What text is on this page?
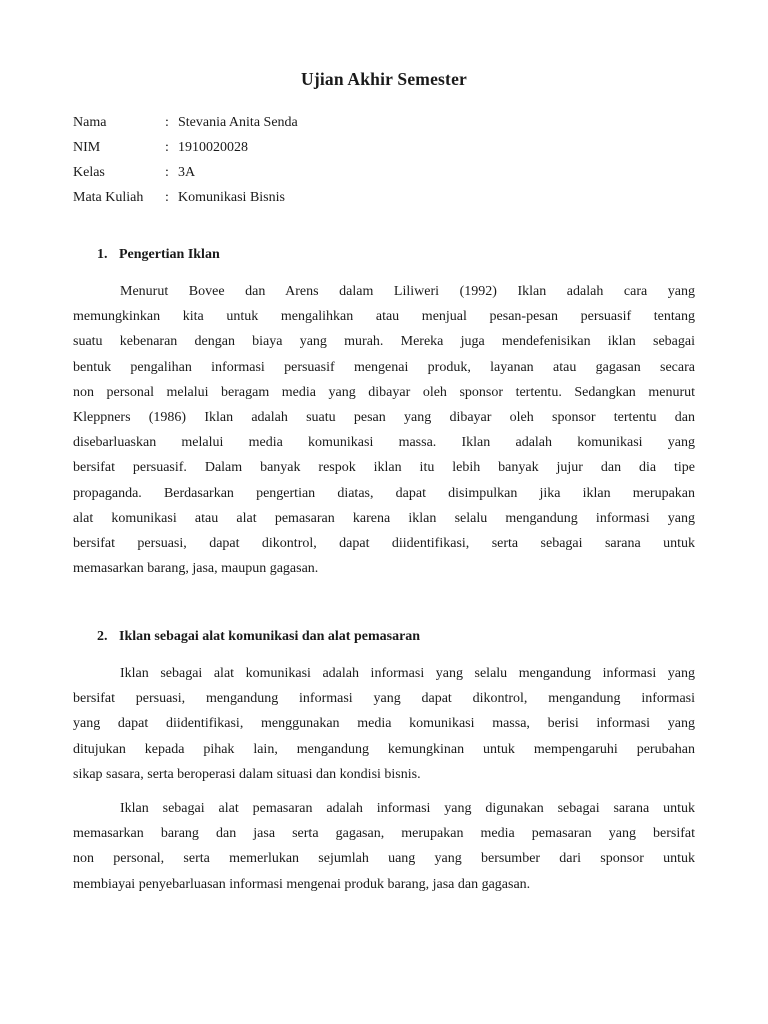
Ujian Akhir Semester
Nama	: Stevania Anita Senda
NIM	: 1910020028
Kelas	: 3A
Mata Kuliah	: Komunikasi Bisnis
1. Pengertian Iklan
Menurut Bovee dan Arens dalam Liliweri (1992) Iklan adalah cara yang
memungkinkan kita untuk mengalihkan atau menjual pesan-pesan persuasif tentang
suatu kebenaran dengan biaya yang murah. Mereka juga mendefenisikan iklan sebagai
bentuk pengalihan informasi persuasif mengenai produk, layanan atau gagasan secara
non personal melalui beragam media yang dibayar oleh sponsor tertentu. Sedangkan menurut
Kleppners (1986) Iklan adalah suatu pesan yang dibayar oleh sponsor tertentu dan
disebarluaskan melalui media komunikasi massa. Iklan adalah komunikasi yang
bersifat persuasif. Dalam banyak respok iklan itu lebih banyak jujur dan dia tipe
propaganda. Berdasarkan pengertian diatas, dapat disimpulkan jika iklan merupakan
alat komunikasi atau alat pemasaran karena iklan selalu mengandung informasi yang
bersifat persuasi, dapat dikontrol, dapat diidentifikasi, serta sebagai sarana untuk
memasarkan barang, jasa, maupun gagasan.
2. Iklan sebagai alat komunikasi dan alat pemasaran
Iklan sebagai alat komunikasi adalah informasi yang selalu mengandung informasi yang
bersifat persuasi, mengandung informasi yang dapat dikontrol, mengandung informasi
yang dapat diidentifikasi, menggunakan media komunikasi massa, berisi informasi yang
ditujukan kepada pihak lain, mengandung kemungkinan untuk mempengaruhi perubahan
sikap sasara, serta beroperasi dalam situasi dan kondisi bisnis.
Iklan sebagai alat pemasaran adalah informasi yang digunakan sebagai sarana untuk
memasarkan barang dan jasa serta gagasan, merupakan media pemasaran yang bersifat
non personal, serta memerlukan sejumlah uang yang bersumber dari sponsor untuk
membiayai penyebarluasan informasi mengenai produk barang, jasa dan gagasan.
